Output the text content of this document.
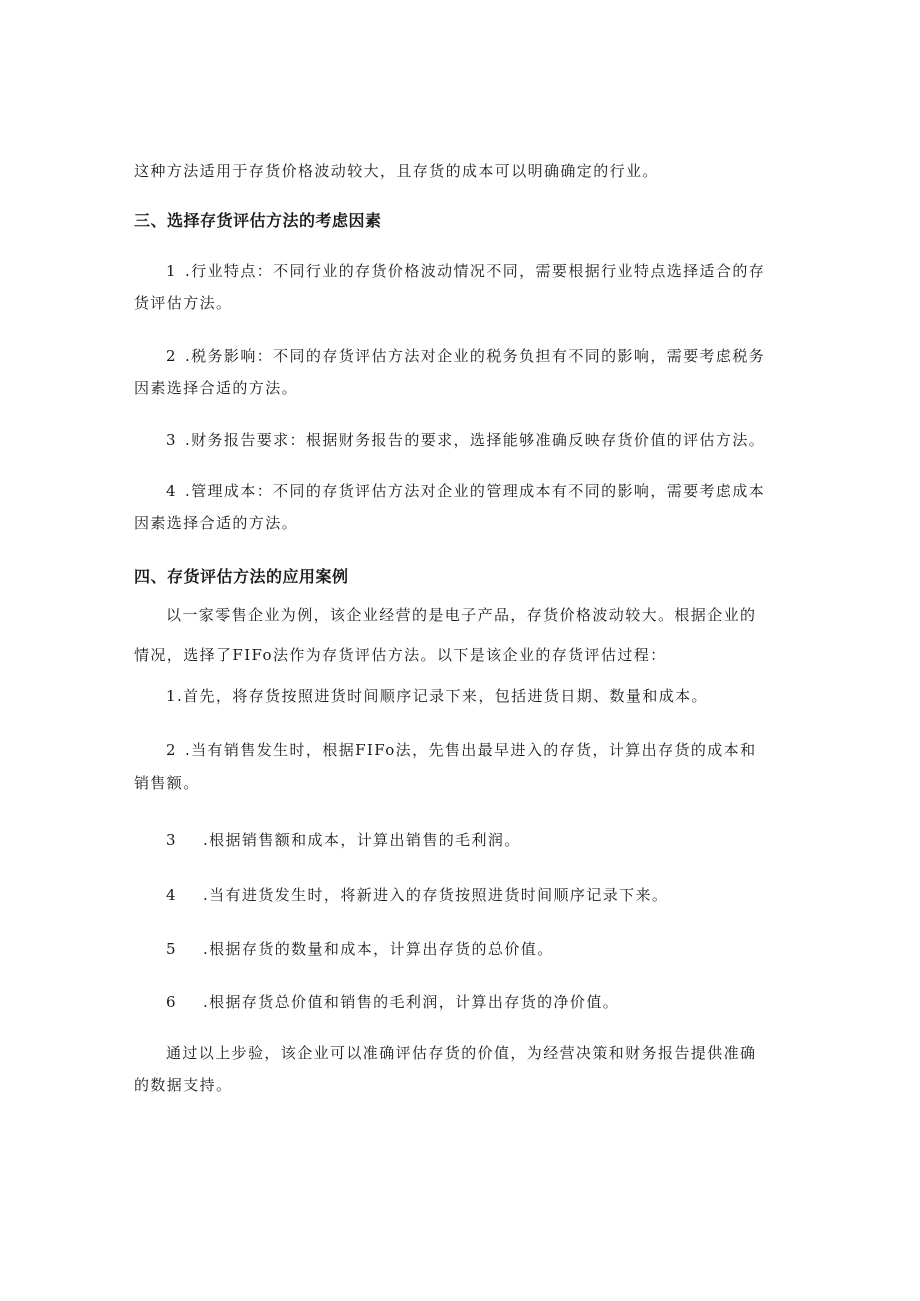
这种方法适用于存货价格波动较大，且存货的成本可以明确确定的行业。
三、选择存货评估方法的考虑因素
1 .行业特点：不同行业的存货价格波动情况不同，需要根据行业特点选择适合的存
货评估方法。
2 .税务影响：不同的存货评估方法对企业的税务负担有不同的影响，需要考虑税务
因素选择合适的方法。
3 .财务报告要求：根据财务报告的要求，选择能够准确反映存货价值的评估方法。
4 .管理成本：不同的存货评估方法对企业的管理成本有不同的影响，需要考虑成本
因素选择合适的方法。
四、存货评估方法的应用案例
以一家零售企业为例，该企业经营的是电子产品，存货价格波动较大。根据企业的
情况，选择了FIFo法作为存货评估方法。以下是该企业的存货评估过程：
1.首先，将存货按照进货时间顺序记录下来，包括进货日期、数量和成本。
2 .当有销售发生时，根据FIFo法，先售出最早进入的存货，计算出存货的成本和
销售额。
3 .根据销售额和成本，计算出销售的毛利润。
4 .当有进货发生时，将新进入的存货按照进货时间顺序记录下来。
5 .根据存货的数量和成本，计算出存货的总价值。
6 .根据存货总价值和销售的毛利润，计算出存货的净价值。
通过以上步验，该企业可以准确评估存货的价值，为经营决策和财务报告提供准确
的数据支持。
